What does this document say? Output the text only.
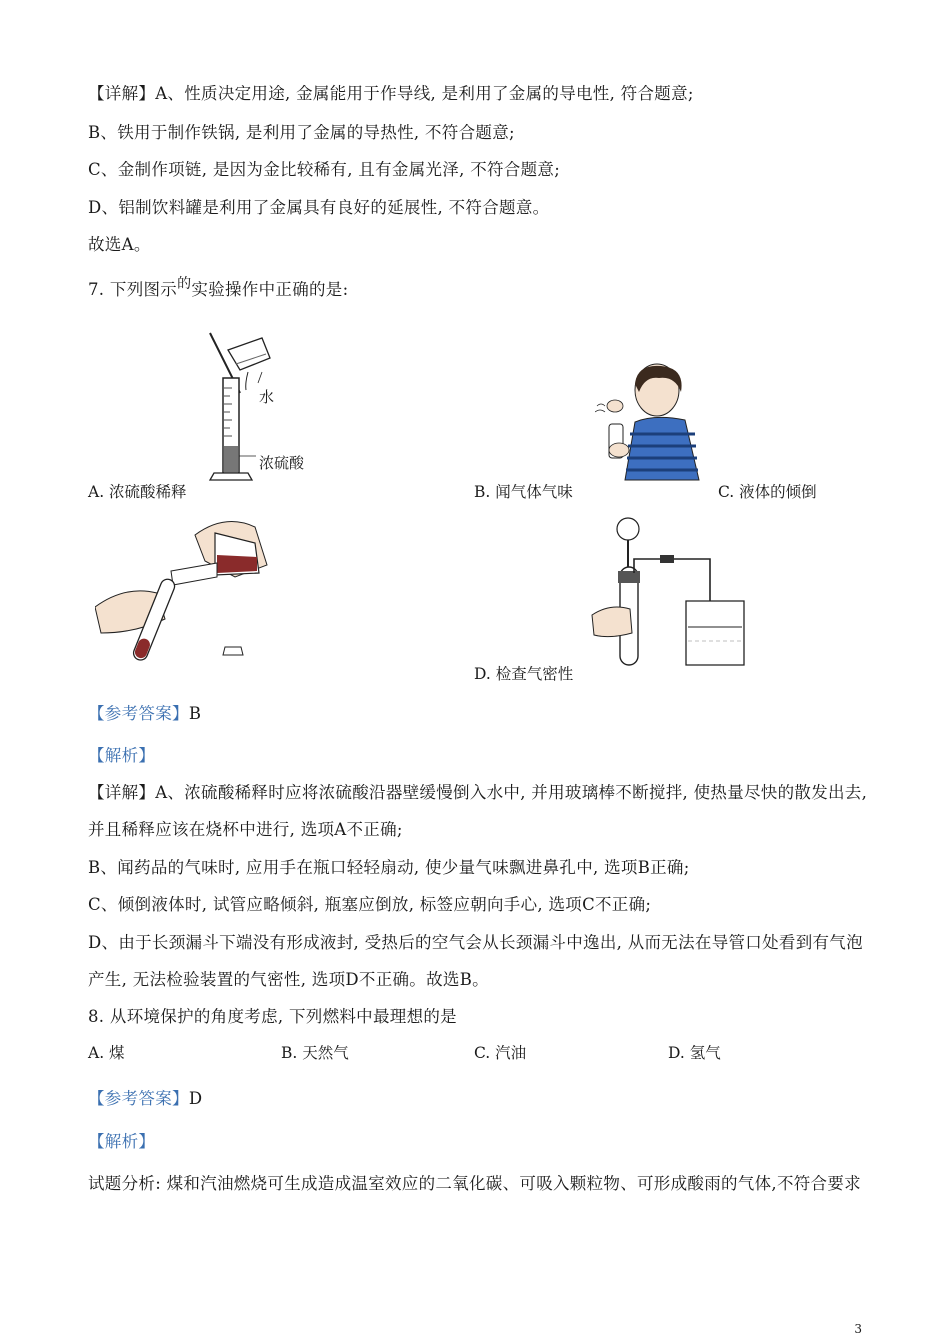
【详解】A、性质决定用途, 金属能用于作导线, 是利用了金属的导电性, 符合题意;
B、铁用于制作铁锅, 是利用了金属的导热性, 不符合题意;
C、金制作项链, 是因为金比较稀有, 且有金属光泽, 不符合题意;
D、铝制饮料罐是利用了金属具有良好的延展性, 不符合题意。
故选A。
7. 下列图示$^的$实验操作中正确的是:
水
浓硫酸
A. 浓硫酸稀释	B. 闻气体气味	C. 液体的倾倒
D. 检查气密性
【参考答案】B
【解析】
【详解】A、浓硫酸稀释时应将浓硫酸沿器壁缓慢倒入水中, 并用玻璃棒不断搅拌, 使热量尽快的散发出去,
并且稀释应该在烧杯中进行, 选项A不正确;
B、闻药品的气味时, 应用手在瓶口轻轻扇动, 使少量气味飘进鼻孔中, 选项B正确;
C、倾倒液体时, 试管应略倾斜, 瓶塞应倒放, 标签应朝向手心, 选项C不正确;
D、由于长颈漏斗下端没有形成液封, 受热后的空气会从长颈漏斗中逸出, 从而无法在导管口处看到有气泡
产生, 无法检验装置的气密性, 选项D不正确。故选B。
8. 从环境保护的角度考虑, 下列燃料中最理想的是
A. 煤	B. 天然气	C. 汽油	D. 氢气
【参考答案】D
【解析】
试题分析: 煤和汽油燃烧可生成造成温室效应的二氧化碳、可吸入颗粒物、可形成酸雨的气体,不符合要求
3
